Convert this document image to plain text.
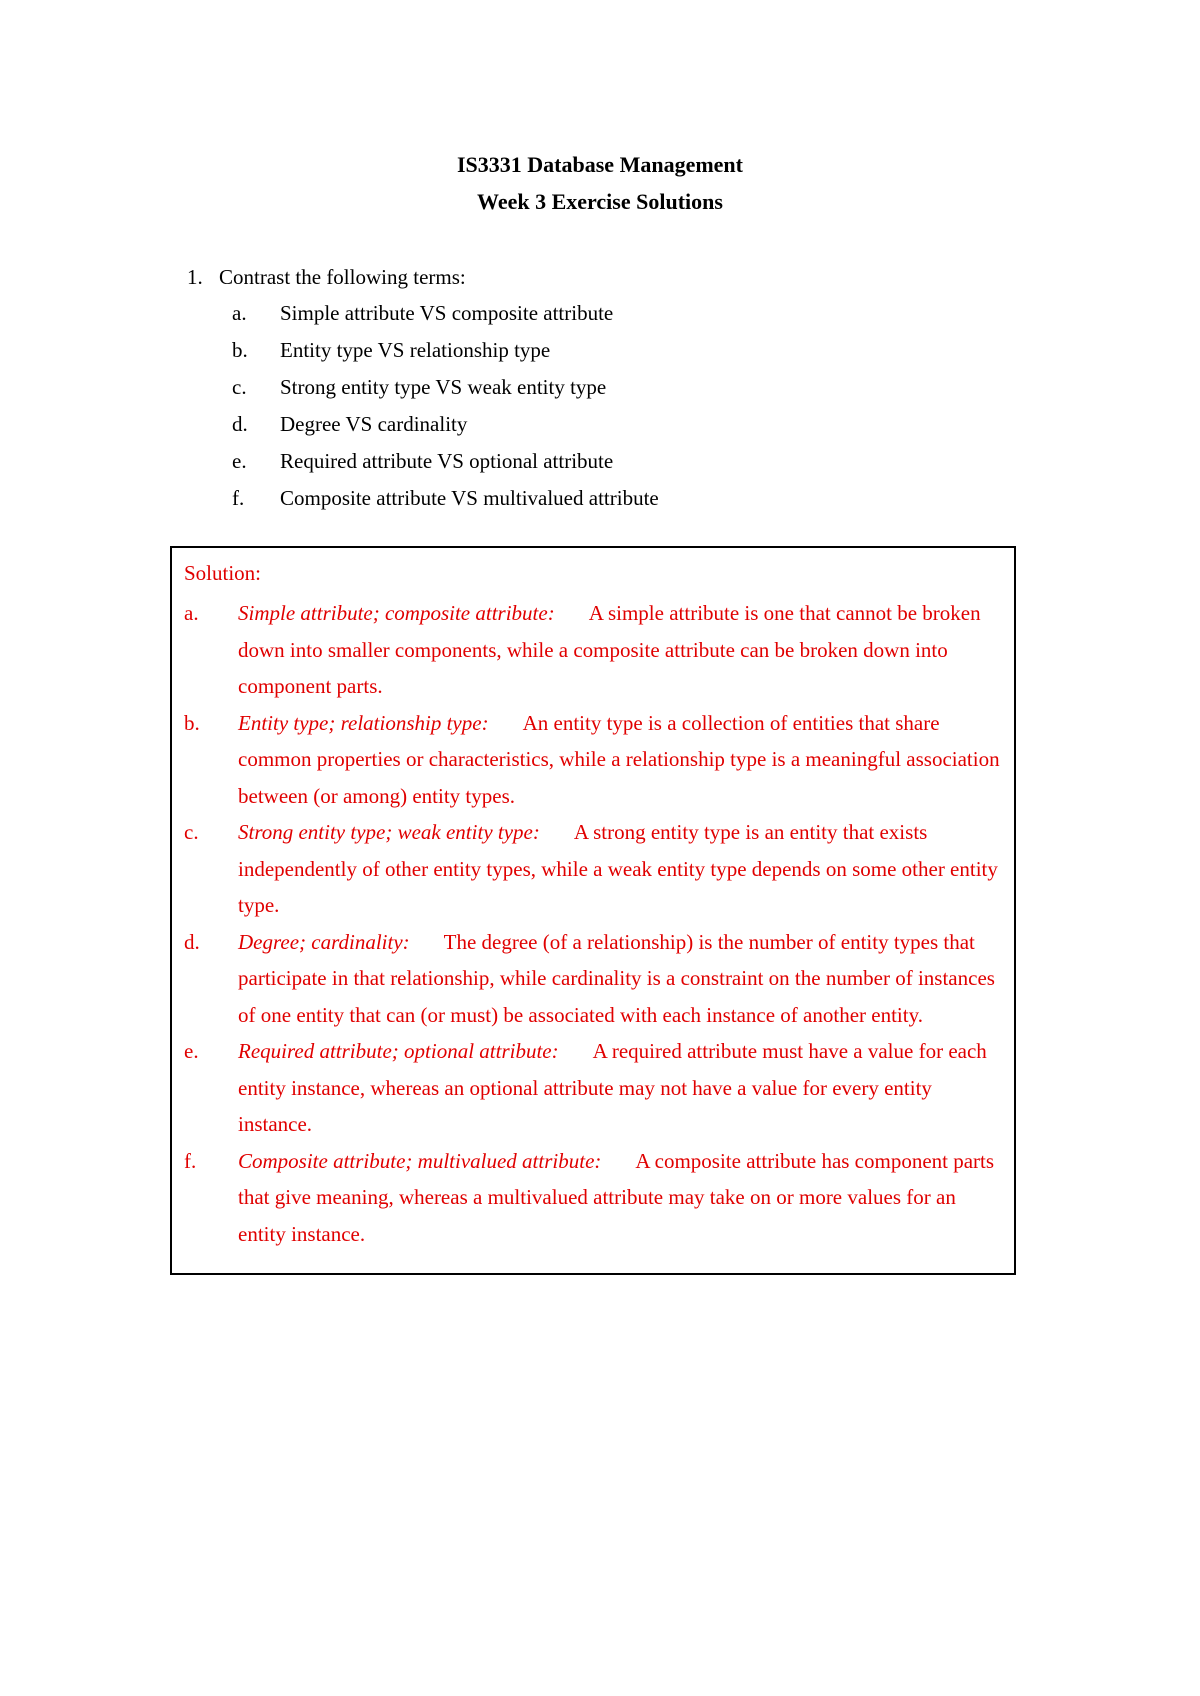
IS3331 Database Management
Week 3 Exercise Solutions
1. Contrast the following terms:
a. Simple attribute VS composite attribute
b. Entity type VS relationship type
c. Strong entity type VS weak entity type
d. Degree VS cardinality
e. Required attribute VS optional attribute
f. Composite attribute VS multivalued attribute
Solution:
a. Simple attribute; composite attribute: A simple attribute is one that cannot be broken down into smaller components, while a composite attribute can be broken down into component parts.
b. Entity type; relationship type: An entity type is a collection of entities that share common properties or characteristics, while a relationship type is a meaningful association between (or among) entity types.
c. Strong entity type; weak entity type: A strong entity type is an entity that exists independently of other entity types, while a weak entity type depends on some other entity type.
d. Degree; cardinality: The degree (of a relationship) is the number of entity types that participate in that relationship, while cardinality is a constraint on the number of instances of one entity that can (or must) be associated with each instance of another entity.
e. Required attribute; optional attribute: A required attribute must have a value for each entity instance, whereas an optional attribute may not have a value for every entity instance.
f. Composite attribute; multivalued attribute: A composite attribute has component parts that give meaning, whereas a multivalued attribute may take on or more values for an entity instance.
